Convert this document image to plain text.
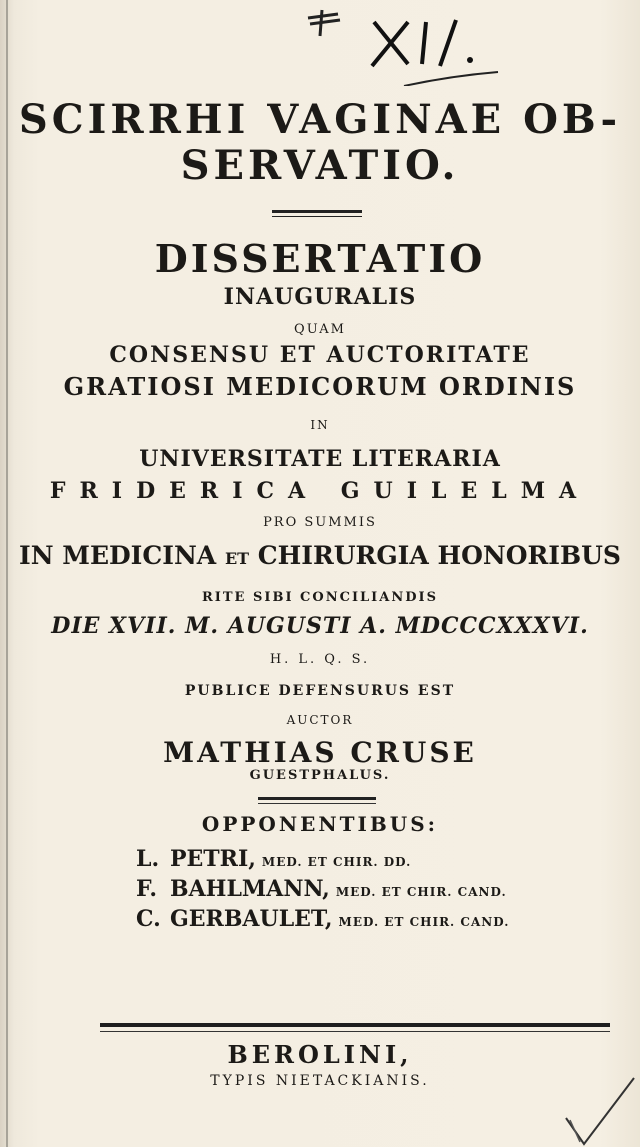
SCIRRHI VAGINAE OB-
SERVATIO.
DISSERTATIO
INAUGURALIS
QUAM
CONSENSU ET AUCTORITATE
GRATIOSI MEDICORUM ORDINIS
IN
UNIVERSITATE LITERARIA
FRIDERICA GUILELMA
PRO SUMMIS
IN MEDICINA ET CHIRURGIA HONORIBUS
RITE SIBI CONCILIANDIS
DIE XVII. M. AUGUSTI A. MDCCCXXXVI.
H. L. Q. S.
PUBLICE DEFENSURUS EST
AUCTOR
MATHIAS CRUSE
GUESTPHALUS.
OPPONENTIBUS:
L. PETRI, MED. ET CHIR. DD.
F. BAHLMANN, MED. ET CHIR. CAND.
C. GERBAULET, MED. ET CHIR. CAND.
BEROLINI,
TYPIS NIETACKIANIS.
